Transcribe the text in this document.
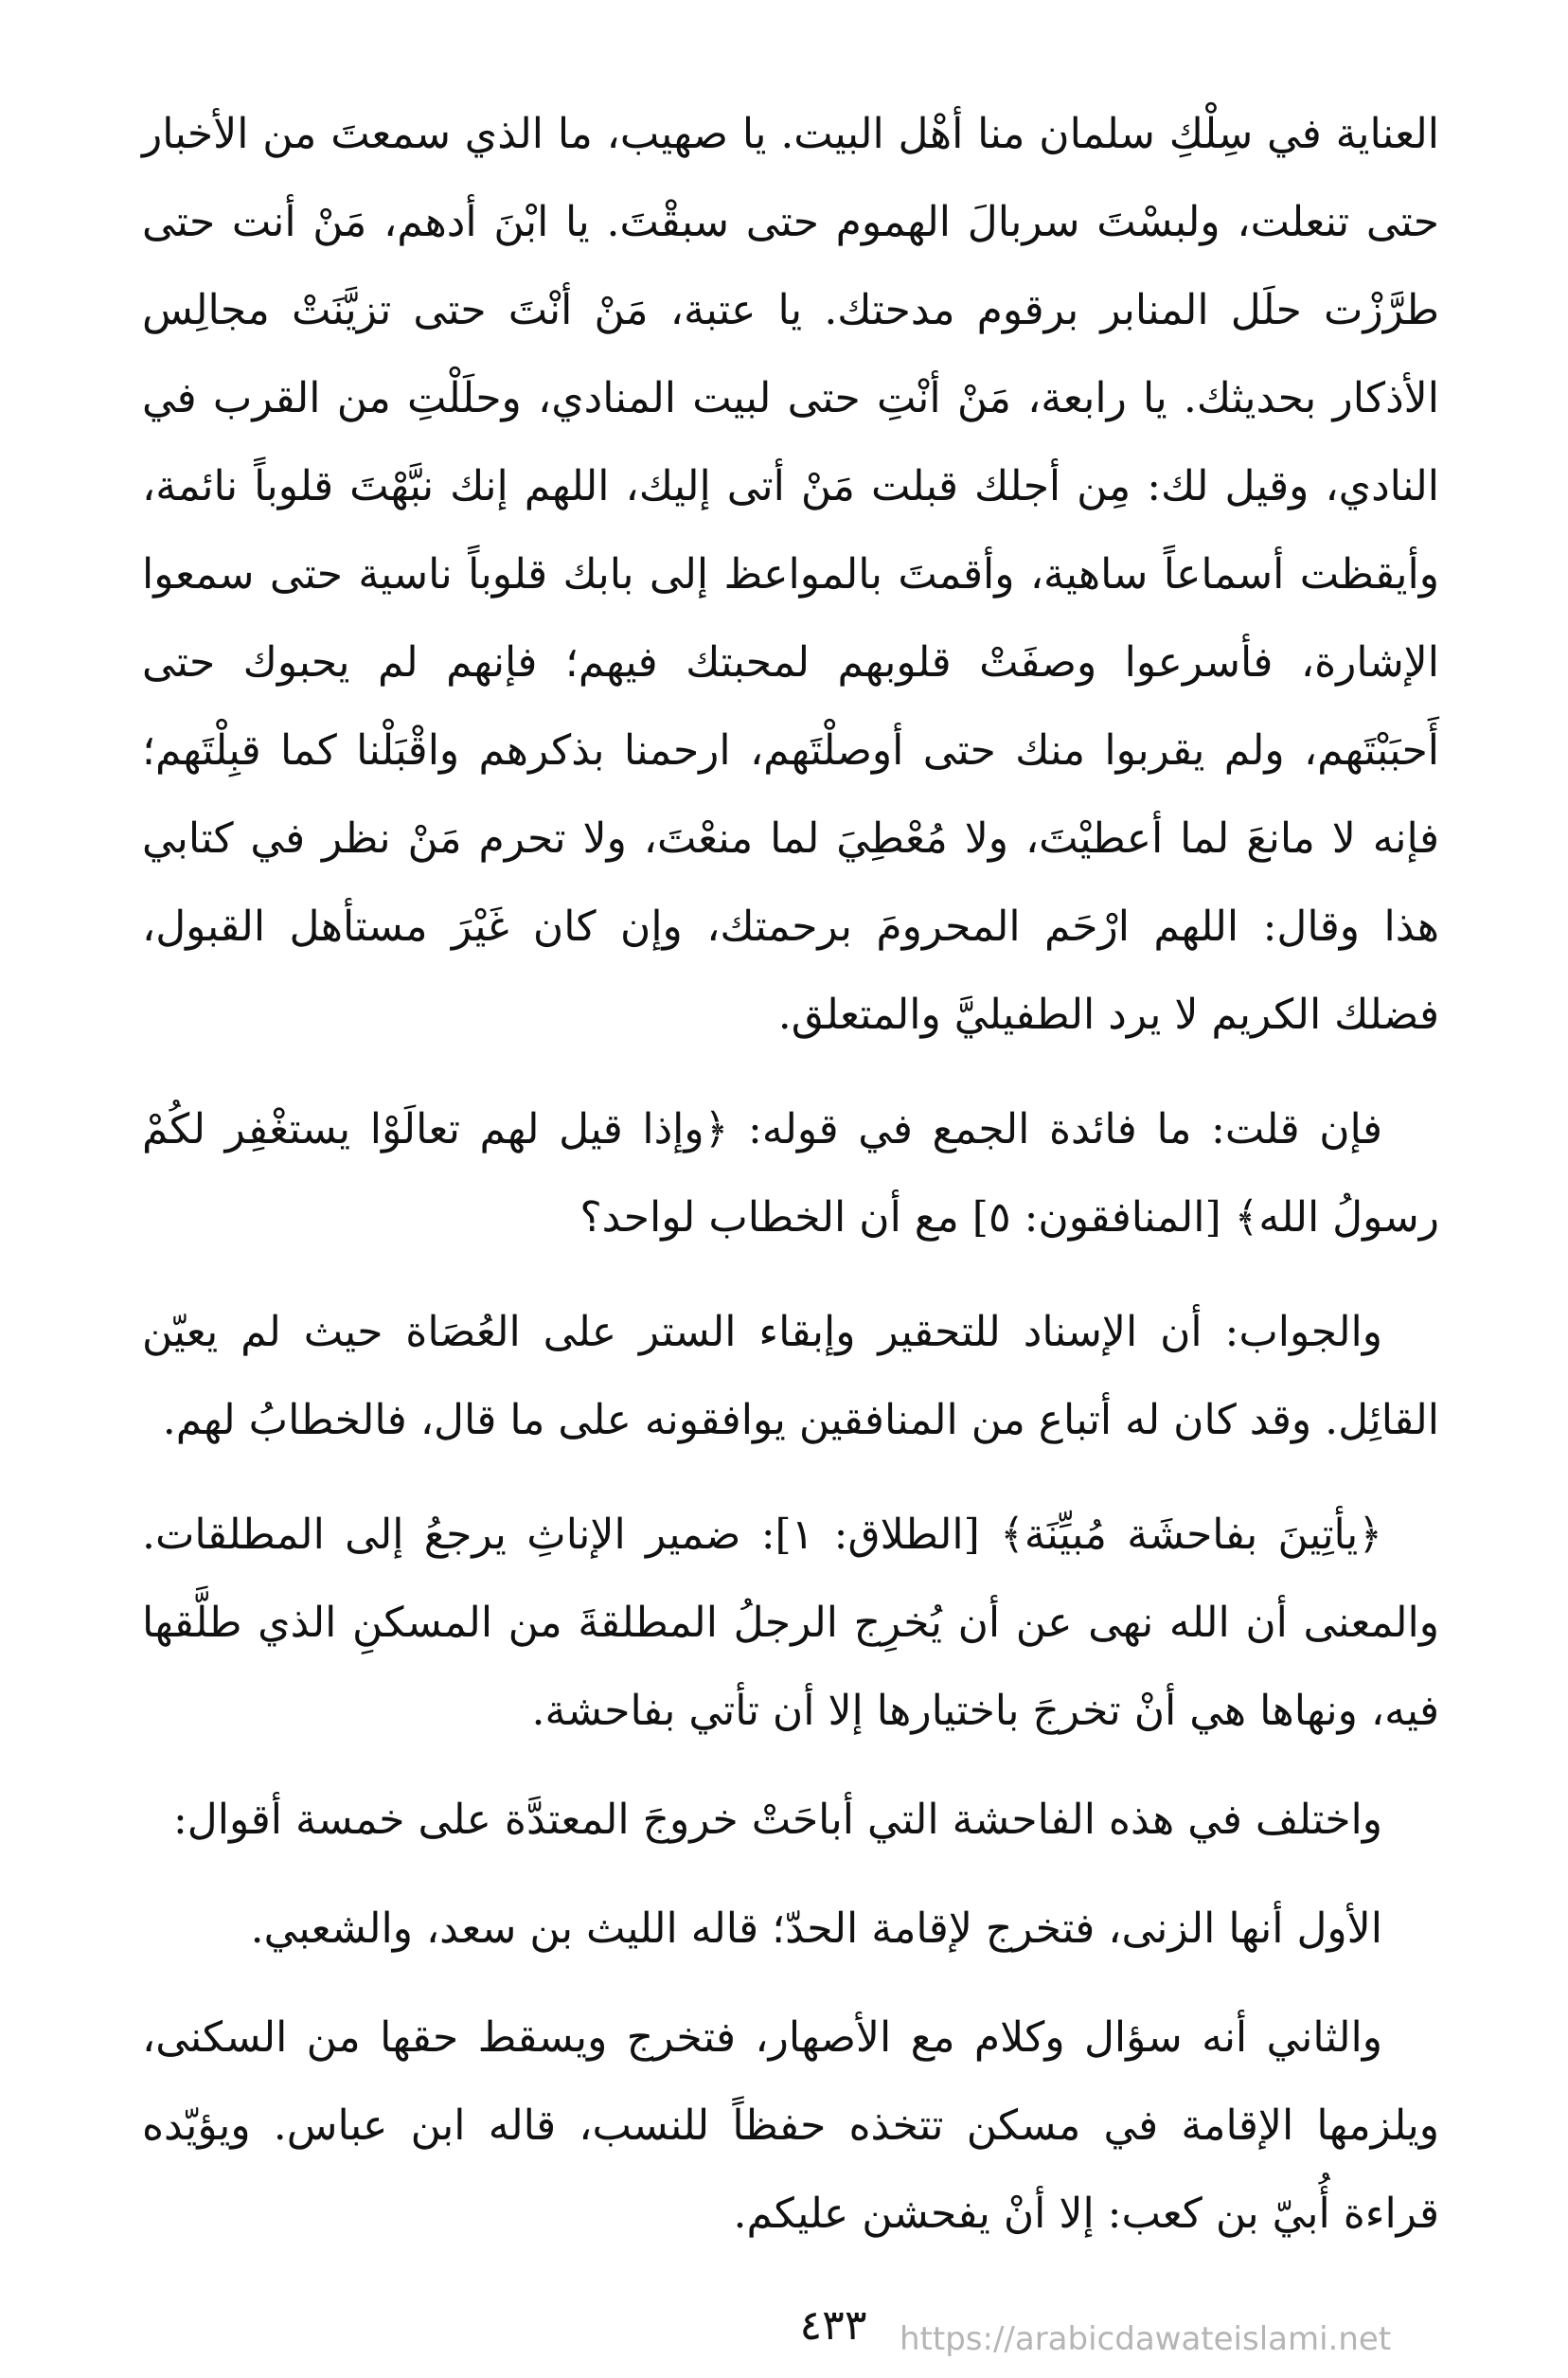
العناية في سِلْكِ سلمان منا أهْل البيت. يا صهيب، ما الذي سمعتَ من الأخبار حتى تنعلت، ولبسْتَ سربالَ الهموم حتى سبقْتَ. يا ابْنَ أدهم، مَنْ أنت حتى طرَّزْت حلَل المنابر برقوم مدحتك. يا عتبة، مَنْ أنْتَ حتى تزيَّنَتْ مجالِس الأذكار بحديثك. يا رابعة، مَنْ أنْتِ حتى لبيت المنادي، وحلَلْتِ من القرب في النادي، وقيل لك: مِن أجلك قبلت مَنْ أتى إليك، اللهم إنك نبَّهْتَ قلوباً نائمة، وأيقظت أسماعاً ساهية، وأقمتَ بالمواعظ إلى بابك قلوباً ناسية حتى سمعوا الإشارة، فأسرعوا وصفَتْ قلوبهم لمحبتك فيهم؛ فإنهم لم يحبوك حتى أَحبَبْتَهم، ولم يقربوا منك حتى أوصلْتَهم، ارحمنا بذكرهم واقْبَلْنا كما قبِلْتَهم؛ فإنه لا مانعَ لما أعطيْتَ، ولا مُعْطِيَ لما منعْتَ، ولا تحرم مَنْ نظر في كتابي هذا وقال: اللهم ارْحَم المحرومَ برحمتك، وإن كان غَيْرَ مستأهل القبول، فضلك الكريم لا يرد الطفيليَّ والمتعلق.

فإن قلت: ما فائدة الجمع في قوله: ﴿وإذا قيل لهم تعالَوْا يستغْفِر لكُمْ رسولُ الله﴾ [المنافقون: ٥] مع أن الخطاب لواحد؟

والجواب: أن الإسناد للتحقير وإبقاء الستر على العُصَاة حيث لم يعيّن القائِل. وقد كان له أتباع من المنافقين يوافقونه على ما قال، فالخطابُ لهم.

﴿يأتِينَ بفاحشَة مُبيِّنَة﴾ [الطلاق: ١]: ضمير الإناثِ يرجعُ إلى المطلقات. والمعنى أن الله نهى عن أن يُخرِج الرجلُ المطلقةَ من المسكنِ الذي طلَّقها فيه، ونهاها هي أنْ تخرجَ باختيارها إلا أن تأتي بفاحشة.

واختلف في هذه الفاحشة التي أباحَتْ خروجَ المعتدَّة على خمسة أقوال:

الأول أنها الزنى، فتخرج لإقامة الحدّ؛ قاله الليث بن سعد، والشعبي.

والثاني أنه سؤال وكلام مع الأصهار، فتخرج ويسقط حقها من السكنى، ويلزمها الإقامة في مسكن تتخذه حفظاً للنسب، قاله ابن عباس. ويؤيّده قراءة أُبيّ بن كعب: إلا أنْ يفحشن عليكم.

٤٣٣	https://arabicdawateislami.net
